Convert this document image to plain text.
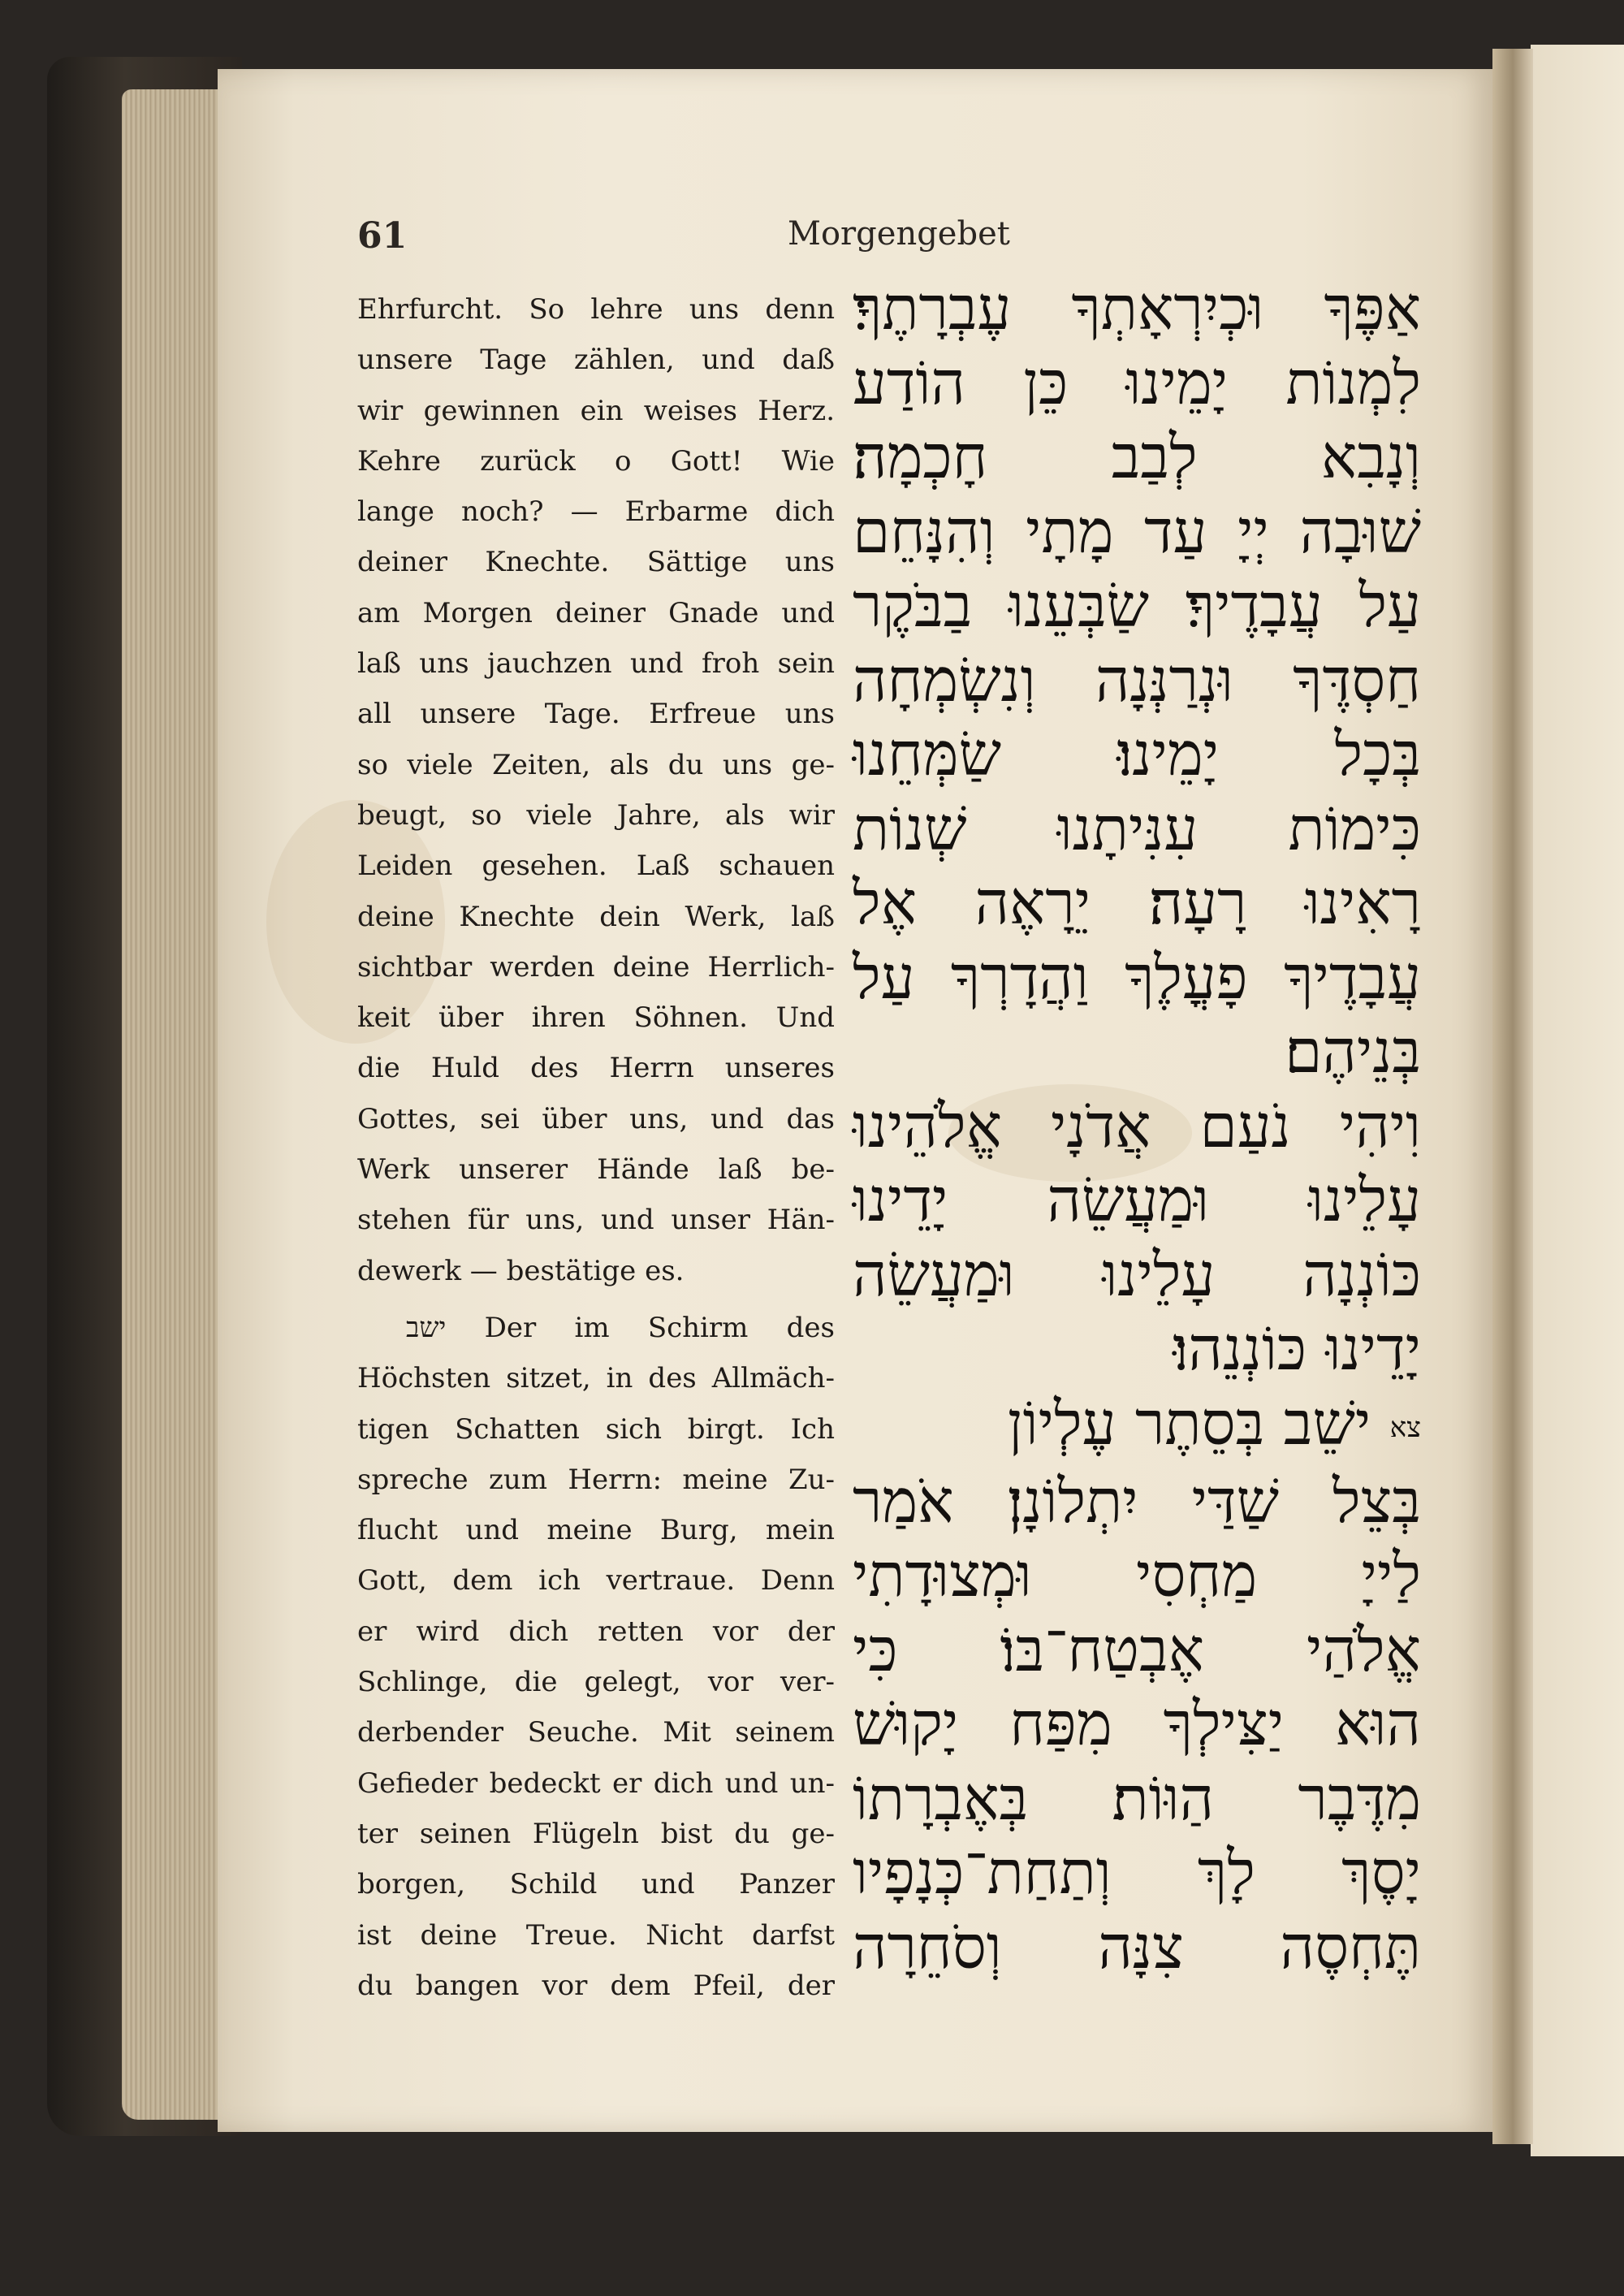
61	Morgengebet
Ehrfurcht. So lehre uns denn
unsere Tage zählen, und daß
wir gewinnen ein weises Herz.
Kehre zurück o Gott! Wie
lange noch? — Erbarme dich
deiner Knechte. Sättige uns
am Morgen deiner Gnade und
laß uns jauchzen und froh sein
all unsere Tage. Erfreue uns
so viele Zeiten, als du uns ge-
beugt, so viele Jahre, als wir
Leiden gesehen. Laß schauen
deine Knechte dein Werk, laß
sichtbar werden deine Herrlich-
keit über ihren Söhnen. Und
die Huld des Herrn unseres
Gottes, sei über uns, und das
Werk unserer Hände laß be-
stehen für uns, und unser Hän-
dewerk — bestätige es.
ישב Der im Schirm des
Höchsten sitzet, in des Allmäch-
tigen Schatten sich birgt. Ich
spreche zum Herrn: meine Zu-
flucht und meine Burg, mein
Gott, dem ich vertraue. Denn
er wird dich retten vor der
Schlinge, die gelegt, vor ver-
derbender Seuche. Mit seinem
Gefieder bedeckt er dich und un-
ter seinen Flügeln bist du ge-
borgen, Schild und Panzer
ist deine Treue. Nicht darfst
du bangen vor dem Pfeil, der
אַפֶּךָ וּכְיִרְאָתְךָ עֶבְרָתֶךָ׃
לִמְנוֹת יָמֵינוּ כֵּן הוֹדַע
וְנָבִא לְבַב חָכְמָה׃
שׁוּבָה יְיָ עַד מָתָי וְהִנָּחֵם
עַל עֲבָדֶיךָ׃ שַׂבְּעֵנוּ בַבֹּקֶר
חַסְדֶּךָ וּנְרַנְּנָה וְנִשְׂמְחָה
בְּכָל יָמֵינוּ׃ שַׂמְּחֵנוּ
כִּימוֹת עִנִּיתָנוּ שְׁנוֹת
רָאִינוּ רָעָה׃ יֵרָאֶה אֶל
עֲבָדֶיךָ פָעֳלֶךָ וַהֲדָרְךָ עַל
בְּנֵיהֶם׃
וִיהִי נֹעַם אֲדֹנָי אֱלֹהֵינוּ
עָלֵינוּ וּמַעֲשֵׂה יָדֵינוּ
כּוֹנְנָה עָלֵינוּ וּמַעֲשֵׂה
יָדֵינוּ כּוֹנְנֵהוּ׃
צא ישֵׁב בְּסֵתֶר עֶלְיוֹן
בְּצֵל שַׁדַּי יִתְלוֹנָן׃ אֹמַר
לַייָ מַחְסִי וּמְצוּדָתִי
אֱלֹהַי אֶבְטַח־בּוֹ׃ כִּי
הוּא יַצִּילְךָ מִפַּח יָקוּשׁ
מִדֶּבֶר הַוּוֹת׃ בְּאֶבְרָתוֹ
יָסֶךְ לָךְ וְתַחַת־כְּנָפָיו
תֶּחְסֶה צִנָּה וְסֹחֵרָה
